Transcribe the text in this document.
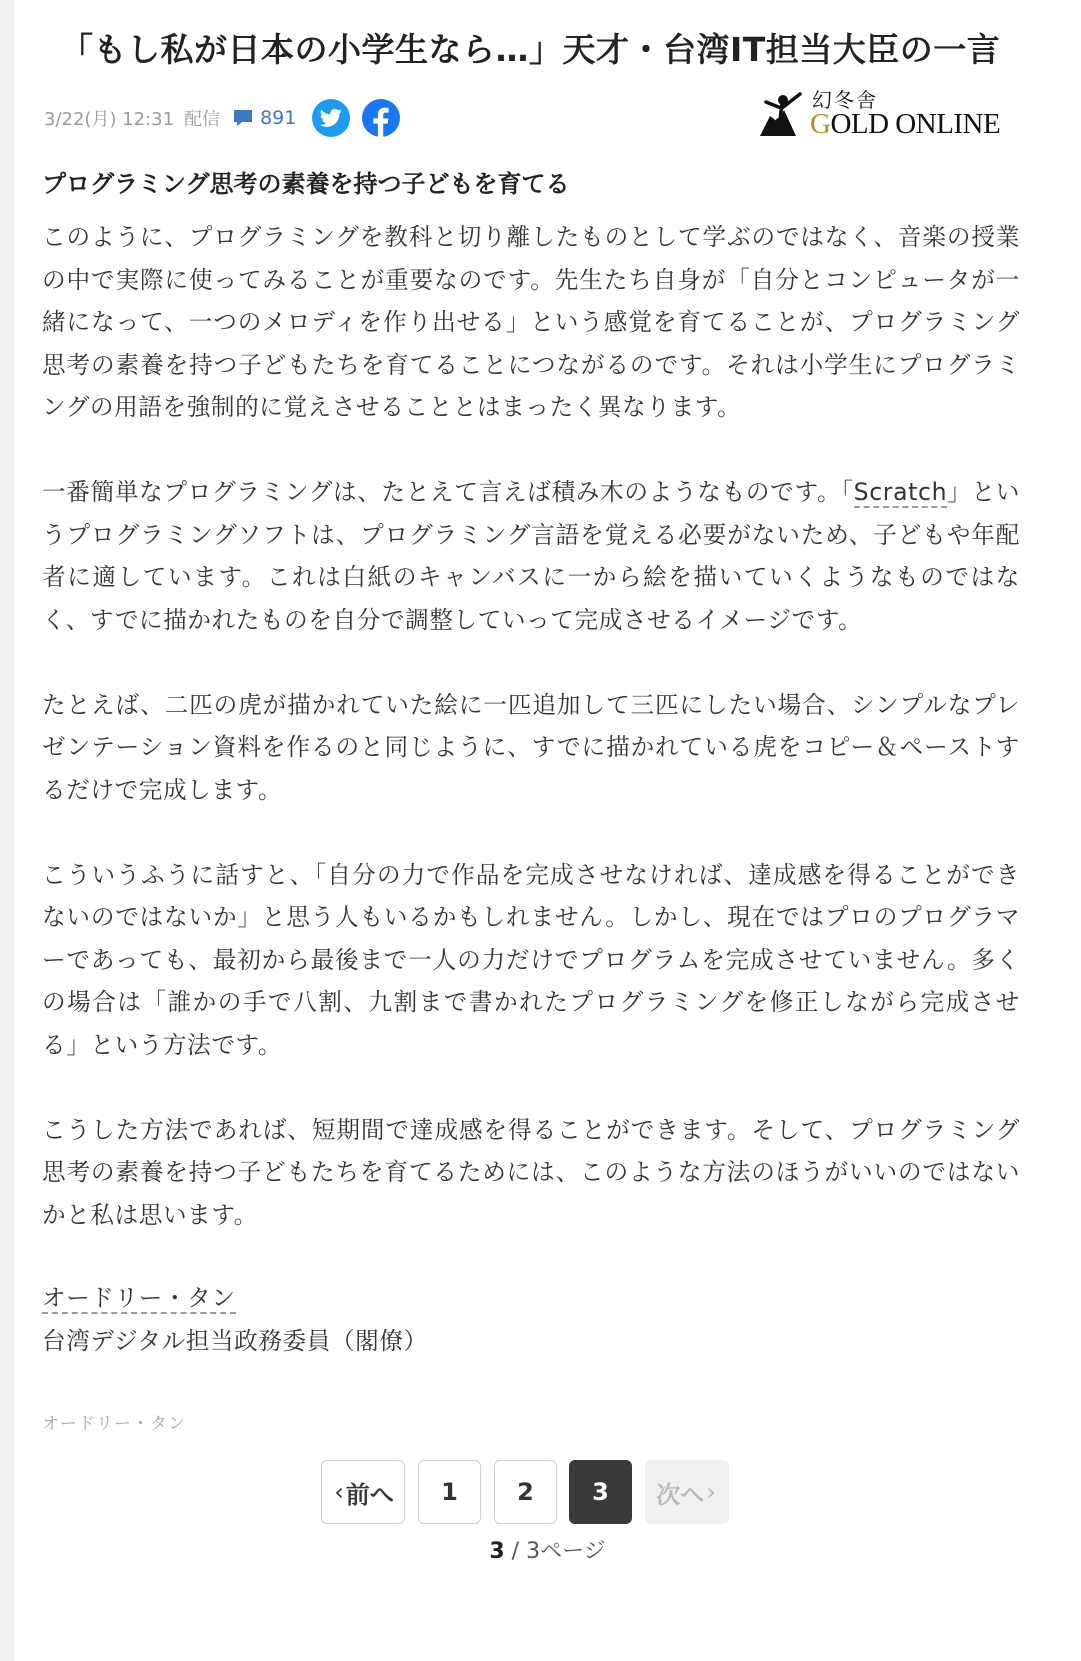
「もし私が日本の小学生なら…」天才・台湾IT担当大臣の一言
3/22(月) 12:31 配信 891
幻冬舎
GOLD ONLINE
プログラミング思考の素養を持つ子どもを育てる

このように、プログラミングを教科と切り離したものとして学ぶのではなく、音楽の授業の中で実際に使ってみることが重要なのです。先生たち自身が「自分とコンピュータが一緒になって、一つのメロディを作り出せる」という感覚を育てることが、プログラミング思考の素養を持つ子どもたちを育てることにつながるのです。それは小学生にプログラミングの用語を強制的に覚えさせることとはまったく異なります。

一番簡単なプログラミングは、たとえて言えば積み木のようなものです。「Scratch」というプログラミングソフトは、プログラミング言語を覚える必要がないため、子どもや年配者に適しています。これは白紙のキャンバスに一から絵を描いていくようなものではなく、すでに描かれたものを自分で調整していって完成させるイメージです。

たとえば、二匹の虎が描かれていた絵に一匹追加して三匹にしたい場合、シンプルなプレゼンテーション資料を作るのと同じように、すでに描かれている虎をコピー＆ペーストするだけで完成します。

こういうふうに話すと、「自分の力で作品を完成させなければ、達成感を得ることができないのではないか」と思う人もいるかもしれません。しかし、現在ではプロのプログラマーであっても、最初から最後まで一人の力だけでプログラムを完成させていません。多くの場合は「誰かの手で八割、九割まで書かれたプログラミングを修正しながら完成させる」という方法です。

こうした方法であれば、短期間で達成感を得ることができます。そして、プログラミング思考の素養を持つ子どもたちを育てるためには、このような方法のほうがいいのではないかと私は思います。

オードリー・タン
台湾デジタル担当政務委員（閣僚）
オードリー・タン
‹ 前へ	1	2	3	次へ ›
3 / 3ページ
